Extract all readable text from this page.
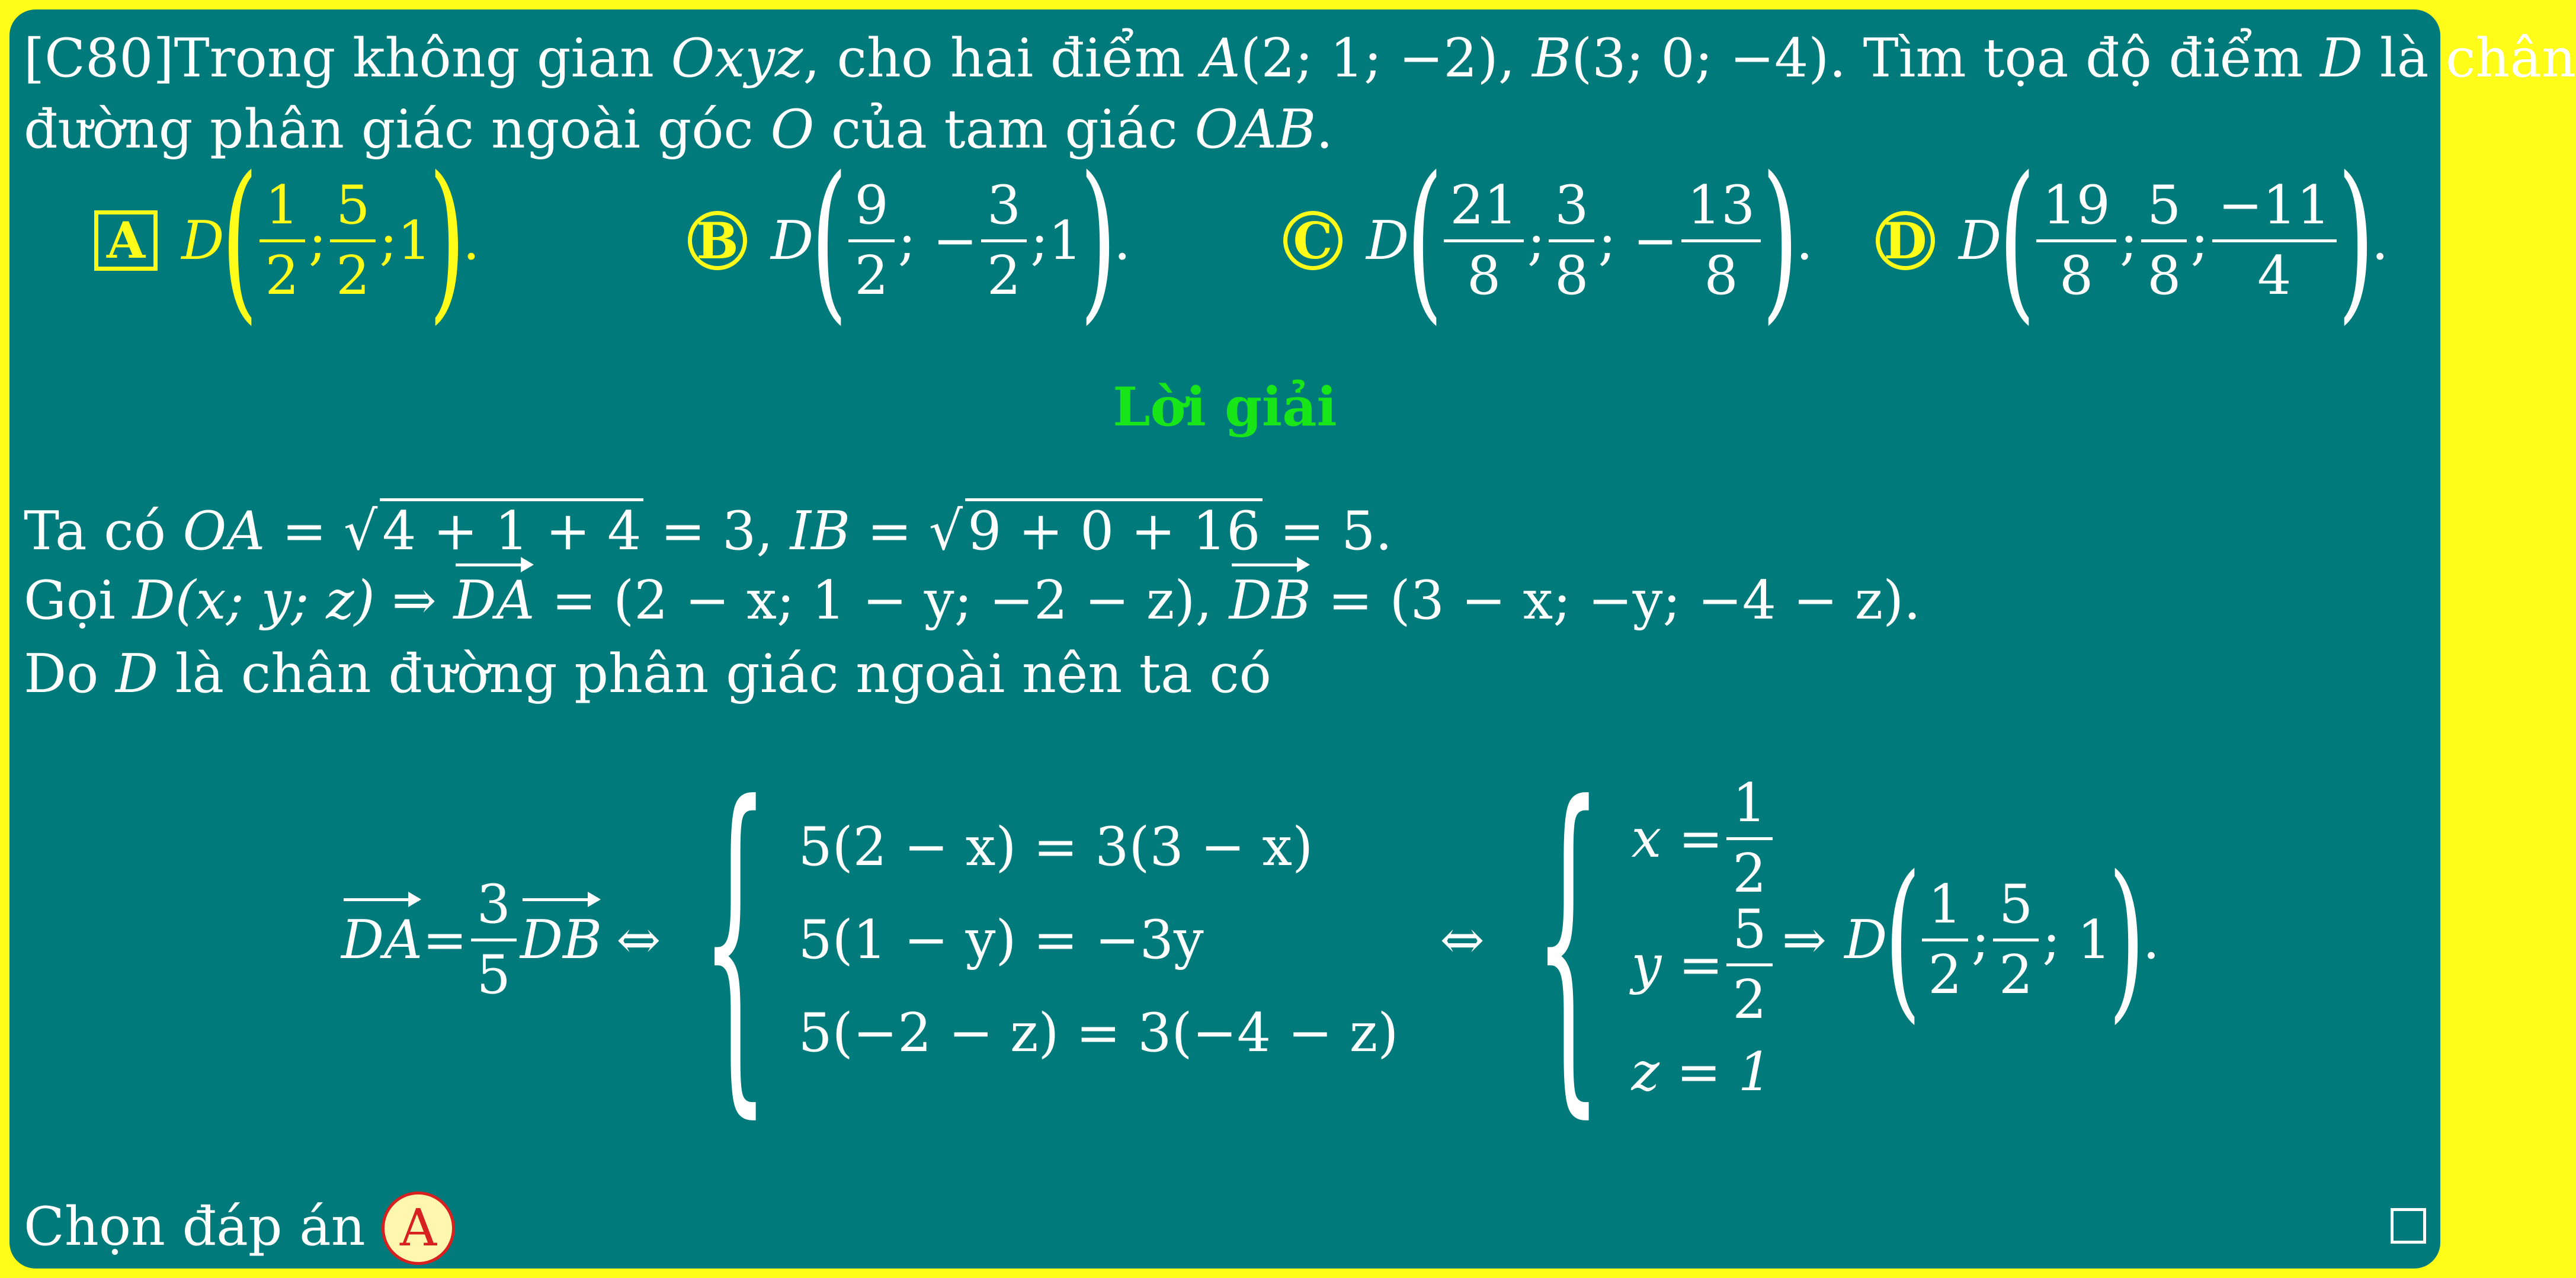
[C80]Trong không gian Oxyz, cho hai điểm A(2; 1; −2), B(3; 0; −4). Tìm tọa độ điểm D là chân
đường phân giác ngoài góc O của tam giác OAB.
A D
( $\frac{1}{2}$ ; $\frac{5}{2}$ ; 1
)
.	B D
( $\frac{9}{2}$ ; − $\frac{3}{2}$ ; 1
)
.	C D
( $\frac{21}{8}$ ; $\frac{3}{8}$ ; − $\frac{13}{8}$ )
. D D
( $\frac{19}{8}$ ; $\frac{5}{8}$ ; $\frac{-11}{4}$ )
.
Lời giải
Ta có OA = √4 + 1 + 4 = 3, IB = √9 + 0 + 16 = 5.
Gọi D(x; y; z) ⇒ DA = (2 − x; 1 − y; −2 − z), DB = (3 − x; −y; −4 − z).
Do D là chân đường phân giác ngoài nên ta có
DA = $\frac{3}{5}$ DB ⇔ { 5(2 − x) = 3(3 − x)
5(1 − y) = −3y
5(−2 − z) = 3(−4 − z)
⇔ { $x = \frac{1}{2}$
$y = \frac{5}{2}$
z = 1
⇒ D
( $\frac{1}{2}$ ; $\frac{5}{2}$ ; 1
)
.
Chọn đáp án A
